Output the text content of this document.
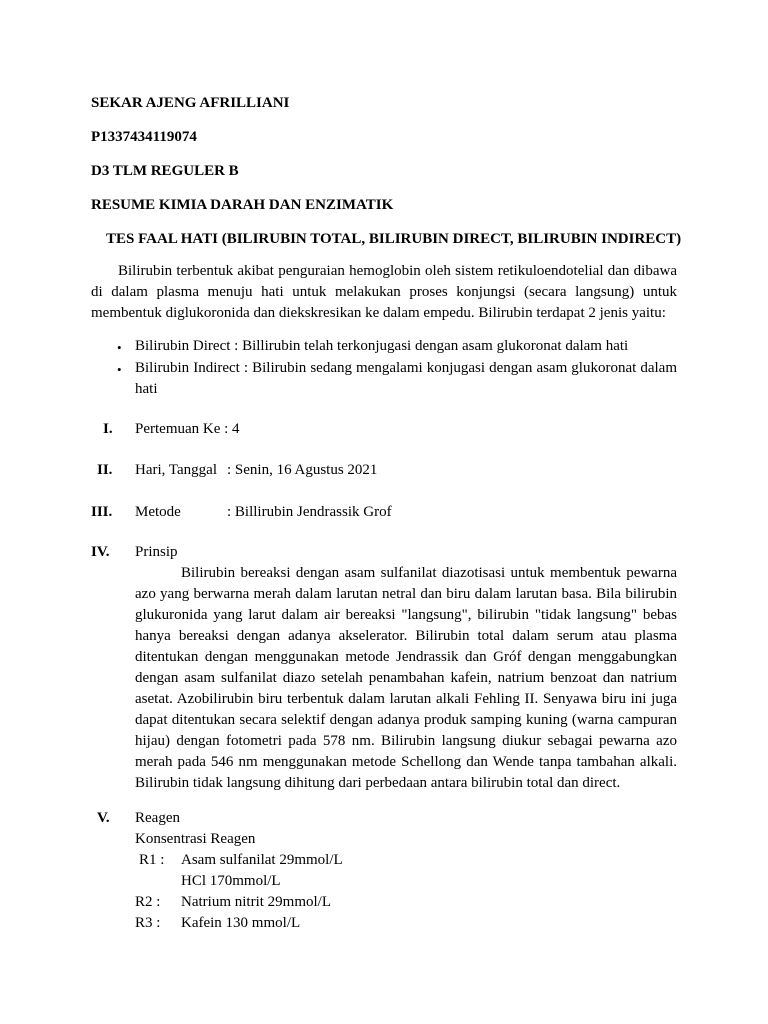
SEKAR AJENG AFRILLIANI
P1337434119074
D3 TLM REGULER B
RESUME KIMIA DARAH DAN ENZIMATIK
TES FAAL HATI (BILIRUBIN TOTAL, BILIRUBIN DIRECT, BILIRUBIN INDIRECT)
Bilirubin terbentuk akibat penguraian hemoglobin oleh sistem retikuloendotelial dan dibawa
di dalam plasma menuju hati untuk melakukan proses konjungsi (secara langsung) untuk
membentuk diglukoronida dan diekskresikan ke dalam empedu. Bilirubin terdapat 2 jenis yaitu:
• Bilirubin Direct : Billirubin telah terkonjugasi dengan asam glukoronat dalam hati
• Bilirubin Indirect : Bilirubin sedang mengalami konjugasi dengan asam glukoronat dalam
hati
I. Pertemuan Ke : 4
II. Hari, Tanggal : Senin, 16 Agustus 2021
III. Metode	: Billirubin Jendrassik Grof
IV. Prinsip
Bilirubin bereaksi dengan asam sulfanilat diazotisasi untuk membentuk pewarna
azo yang berwarna merah dalam larutan netral dan biru dalam larutan basa. Bila bilirubin
glukuronida yang larut dalam air bereaksi "langsung", bilirubin "tidak langsung" bebas
hanya bereaksi dengan adanya akselerator. Bilirubin total dalam serum atau plasma
ditentukan dengan menggunakan metode Jendrassik dan Gróf dengan menggabungkan
dengan asam sulfanilat diazo setelah penambahan kafein, natrium benzoat dan natrium
asetat. Azobilirubin biru terbentuk dalam larutan alkali Fehling II. Senyawa biru ini juga
dapat ditentukan secara selektif dengan adanya produk samping kuning (warna campuran
hijau) dengan fotometri pada 578 nm. Bilirubin langsung diukur sebagai pewarna azo
merah pada 546 nm menggunakan metode Schellong dan Wende tanpa tambahan alkali.
Bilirubin tidak langsung dihitung dari perbedaan antara bilirubin total dan direct.
V. Reagen
Konsentrasi Reagen
R1 : Asam sulfanilat 29mmol/L
HCl 170mmol/L
R2 : Natrium nitrit 29mmol/L
R3 : Kafein 130 mmol/L
